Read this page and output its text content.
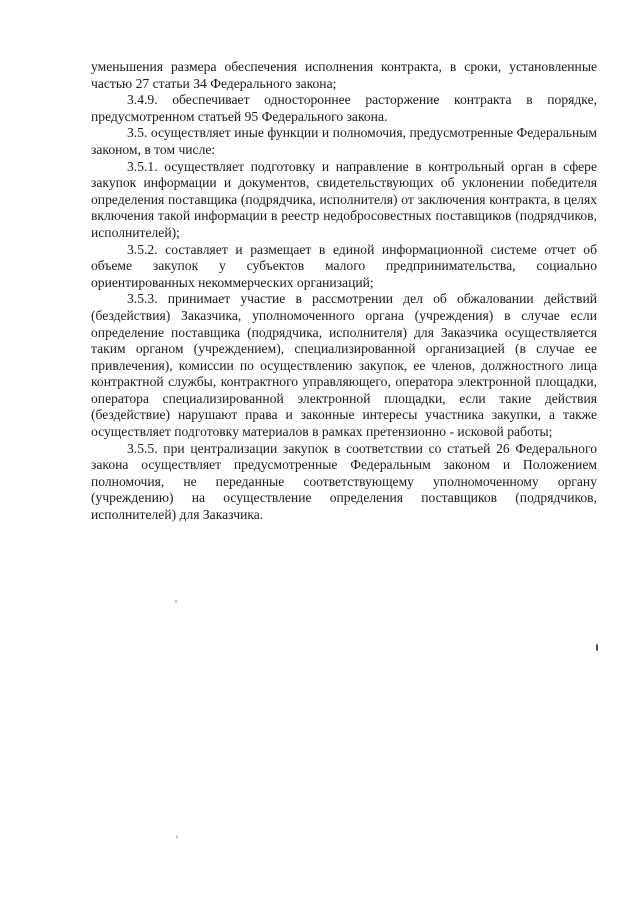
уменьшения размера обеспечения исполнения контракта, в сроки, установленные частью 27 статьи 34 Федерального закона;

3.4.9. обеспечивает одностороннее расторжение контракта в порядке, предусмотренном статьей 95 Федерального закона.

3.5. осуществляет иные функции и полномочия, предусмотренные Федеральным законом, в том числе:

3.5.1. осуществляет подготовку и направление в контрольный орган в сфере закупок информации и документов, свидетельствующих об уклонении победителя определения поставщика (подрядчика, исполнителя) от заключения контракта, в целях включения такой информации в реестр недобросовестных поставщиков (подрядчиков, исполнителей);

3.5.2. составляет и размещает в единой информационной системе отчет об объеме закупок у субъектов малого предпринимательства, социально ориентированных некоммерческих организаций;

3.5.3. принимает участие в рассмотрении дел об обжаловании действий (бездействия) Заказчика, уполномоченного органа (учреждения) в случае если определение поставщика (подрядчика, исполнителя) для Заказчика осуществляется таким органом (учреждением), специализированной организацией (в случае ее привлечения), комиссии по осуществлению закупок, ее членов, должностного лица контрактной службы, контрактного управляющего, оператора электронной площадки, оператора специализированной электронной площадки, если такие действия (бездействие) нарушают права и законные интересы участника закупки, а также осуществляет подготовку материалов в рамках претензионно - исковой работы;

3.5.5. при централизации закупок в соответствии со статьей 26 Федерального закона осуществляет предусмотренные Федеральным законом и Положением полномочия, не переданные соответствующему уполномоченному органу (учреждению) на осуществление определения поставщиков (подрядчиков, исполнителей) для Заказчика.
